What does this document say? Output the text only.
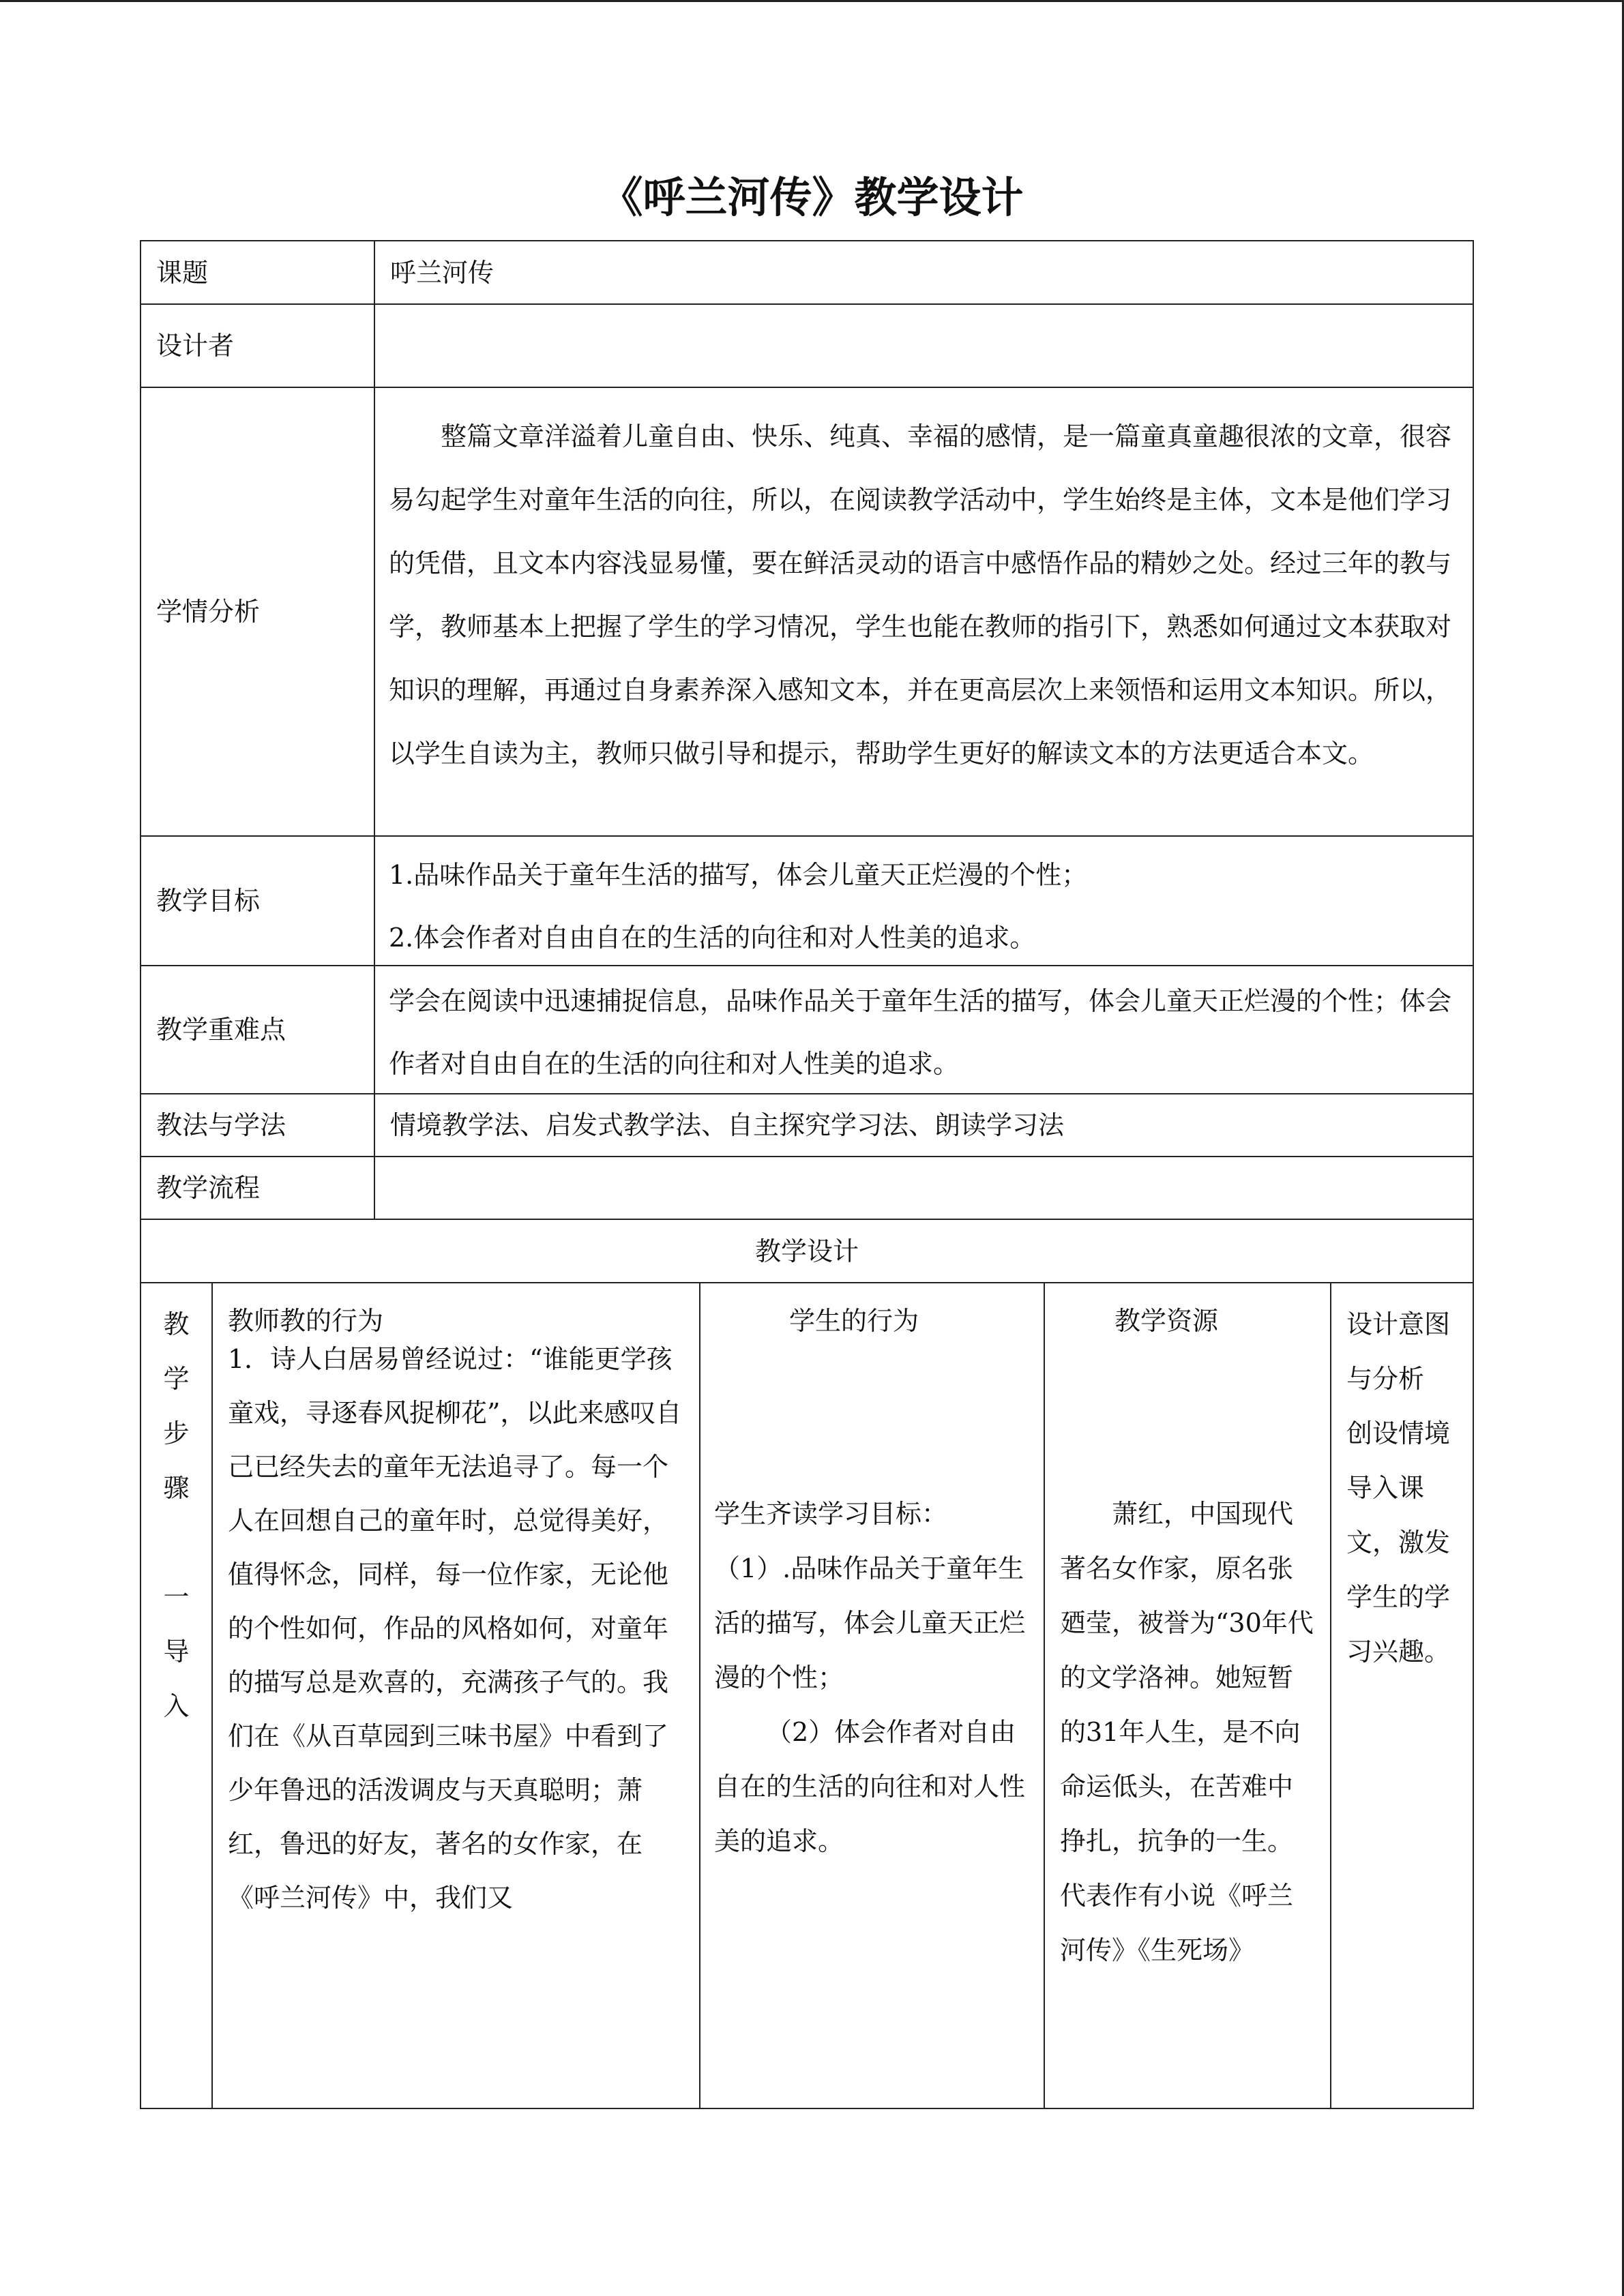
《呼兰河传》教学设计
课题	呼兰河传
设计者
学情分析
整篇文章洋溢着儿童自由、快乐、纯真、幸福的感情，是一篇童真童趣很浓的文章，很容易勾起学生对童年生活的向往，所以，在阅读教学活动中，学生始终是主体，文本是他们学习的凭借，且文本内容浅显易懂，要在鲜活灵动的语言中感悟作品的精妙之处。经过三年的教与学，教师基本上把握了学生的学习情况，学生也能在教师的指引下，熟悉如何通过文本获取对知识的理解，再通过自身素养深入感知文本，并在更高层次上来领悟和运用文本知识。所以，以学生自读为主，教师只做引导和提示，帮助学生更好的解读文本的方法更适合本文。
教学目标
1.品味作品关于童年生活的描写，体会儿童天正烂漫的个性；
2.体会作者对自由自在的生活的向往和对人性美的追求。
教学重难点
学会在阅读中迅速捕捉信息，品味作品关于童年生活的描写，体会儿童天正烂漫的个性；体会作者对自由自在的生活的向往和对人性美的追求。
教法与学法	情境教学法、启发式教学法、自主探究学习法、朗读学习法
教学流程
教学设计
教
学
步
骤
一
导
入
教师教的行为
1．诗人白居易曾经说过：“谁能更学孩童戏，寻逐春风捉柳花”，以此来感叹自己已经失去的童年无法追寻了。每一个人在回想自己的童年时，总觉得美好，值得怀念，同样，每一位作家，无论他的个性如何，作品的风格如何，对童年的描写总是欢喜的，充满孩子气的。我们在《从百草园到三味书屋》中看到了少年鲁迅的活泼调皮与天真聪明；萧红，鲁迅的好友，著名的女作家，在《呼兰河传》中，我们又
学生的行为
学生齐读学习目标：
（1）.品味作品关于童年生活的描写，体会儿童天正烂漫的个性；
（2）体会作者对自由自在的生活的向往和对人性美的追求。
教学资源
萧红，中国现代著名女作家，原名张廼莹，被誉为“30年代的文学洛神。她短暂的31年人生，是不向命运低头，在苦难中挣扎，抗争的一生。代表作有小说《呼兰河传》《生死场》
设计意图与分析
创设情境导入课文，激发学生的学习兴趣。
